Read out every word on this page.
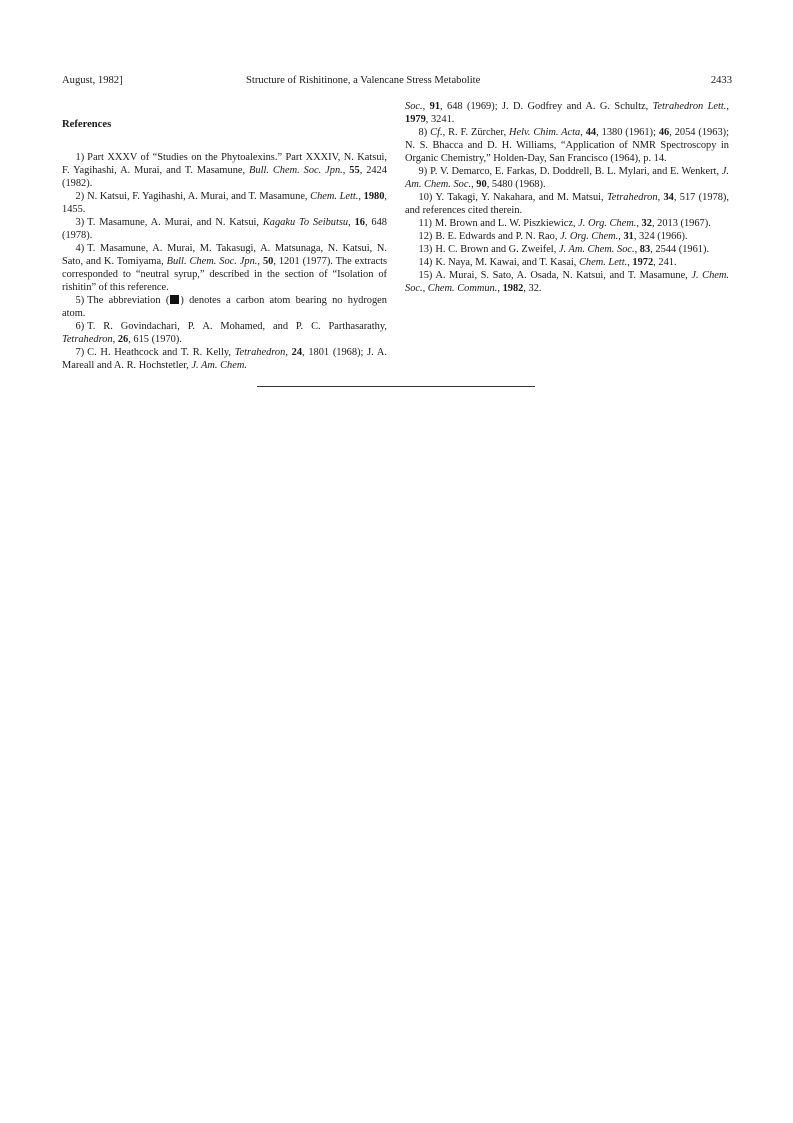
August, 1982]	Structure of Rishitinone, a Valencane Stress Metabolite	2433
References

1) Part XXXV of “Studies on the Phytoalexins.” Part XXXIV, N. Katsui, F. Yagihashi, A. Murai, and T. Masamune, Bull. Chem. Soc. Jpn., 55, 2424 (1982).

2) N. Katsui, F. Yagihashi, A. Murai, and T. Masamune, Chem. Lett., 1980, 1455.

3) T. Masamune, A. Murai, and N. Katsui, Kagaku To Seibutsu, 16, 648 (1978).

4) T. Masamune, A. Murai, M. Takasugi, A. Matsunaga, N. Katsui, N. Sato, and K. Tomiyama, Bull. Chem. Soc. Jpn., 50, 1201 (1977). The extracts corresponded to “neutral syrup,” described in the section of “Isolation of rishitin” of this reference.

5) The abbreviation ( ) denotes a carbon atom bearing no hydrogen atom.

6) T. R. Govindachari, P. A. Mohamed, and P. C. Parthasarathy, Tetrahedron, 26, 615 (1970).

7) C. H. Heathcock and T. R. Kelly, Tetrahedron, 24, 1801 (1968); J. A. Mareall and A. R. Hochstetler, J. Am. Chem.

Soc., 91, 648 (1969); J. D. Godfrey and A. G. Schultz, Tetrahedron Lett., 1979, 3241.

8) Cf., R. F. Zürcher, Helv. Chim. Acta, 44, 1380 (1961); 46, 2054 (1963); N. S. Bhacca and D. H. Williams, “Application of NMR Spectroscopy in Organic Chemistry,” Holden-Day, San Francisco (1964), p. 14.

9) P. V. Demarco, E. Farkas, D. Doddrell, B. L. Mylari, and E. Wenkert, J. Am. Chem. Soc., 90, 5480 (1968).

10) Y. Takagi, Y. Nakahara, and M. Matsui, Tetrahedron, 34, 517 (1978), and references cited therein.

11) M. Brown and L. W. Piszkiewicz, J. Org. Chem., 32, 2013 (1967).

12) B. E. Edwards and P. N. Rao, J. Org. Chem., 31, 324 (1966).

13) H. C. Brown and G. Zweifel, J. Am. Chem. Soc., 83, 2544 (1961).

14) K. Naya, M. Kawai, and T. Kasai, Chem. Lett., 1972, 241.

15) A. Murai, S. Sato, A. Osada, N. Katsui, and T. Masamune, J. Chem. Soc., Chem. Commun., 1982, 32.
